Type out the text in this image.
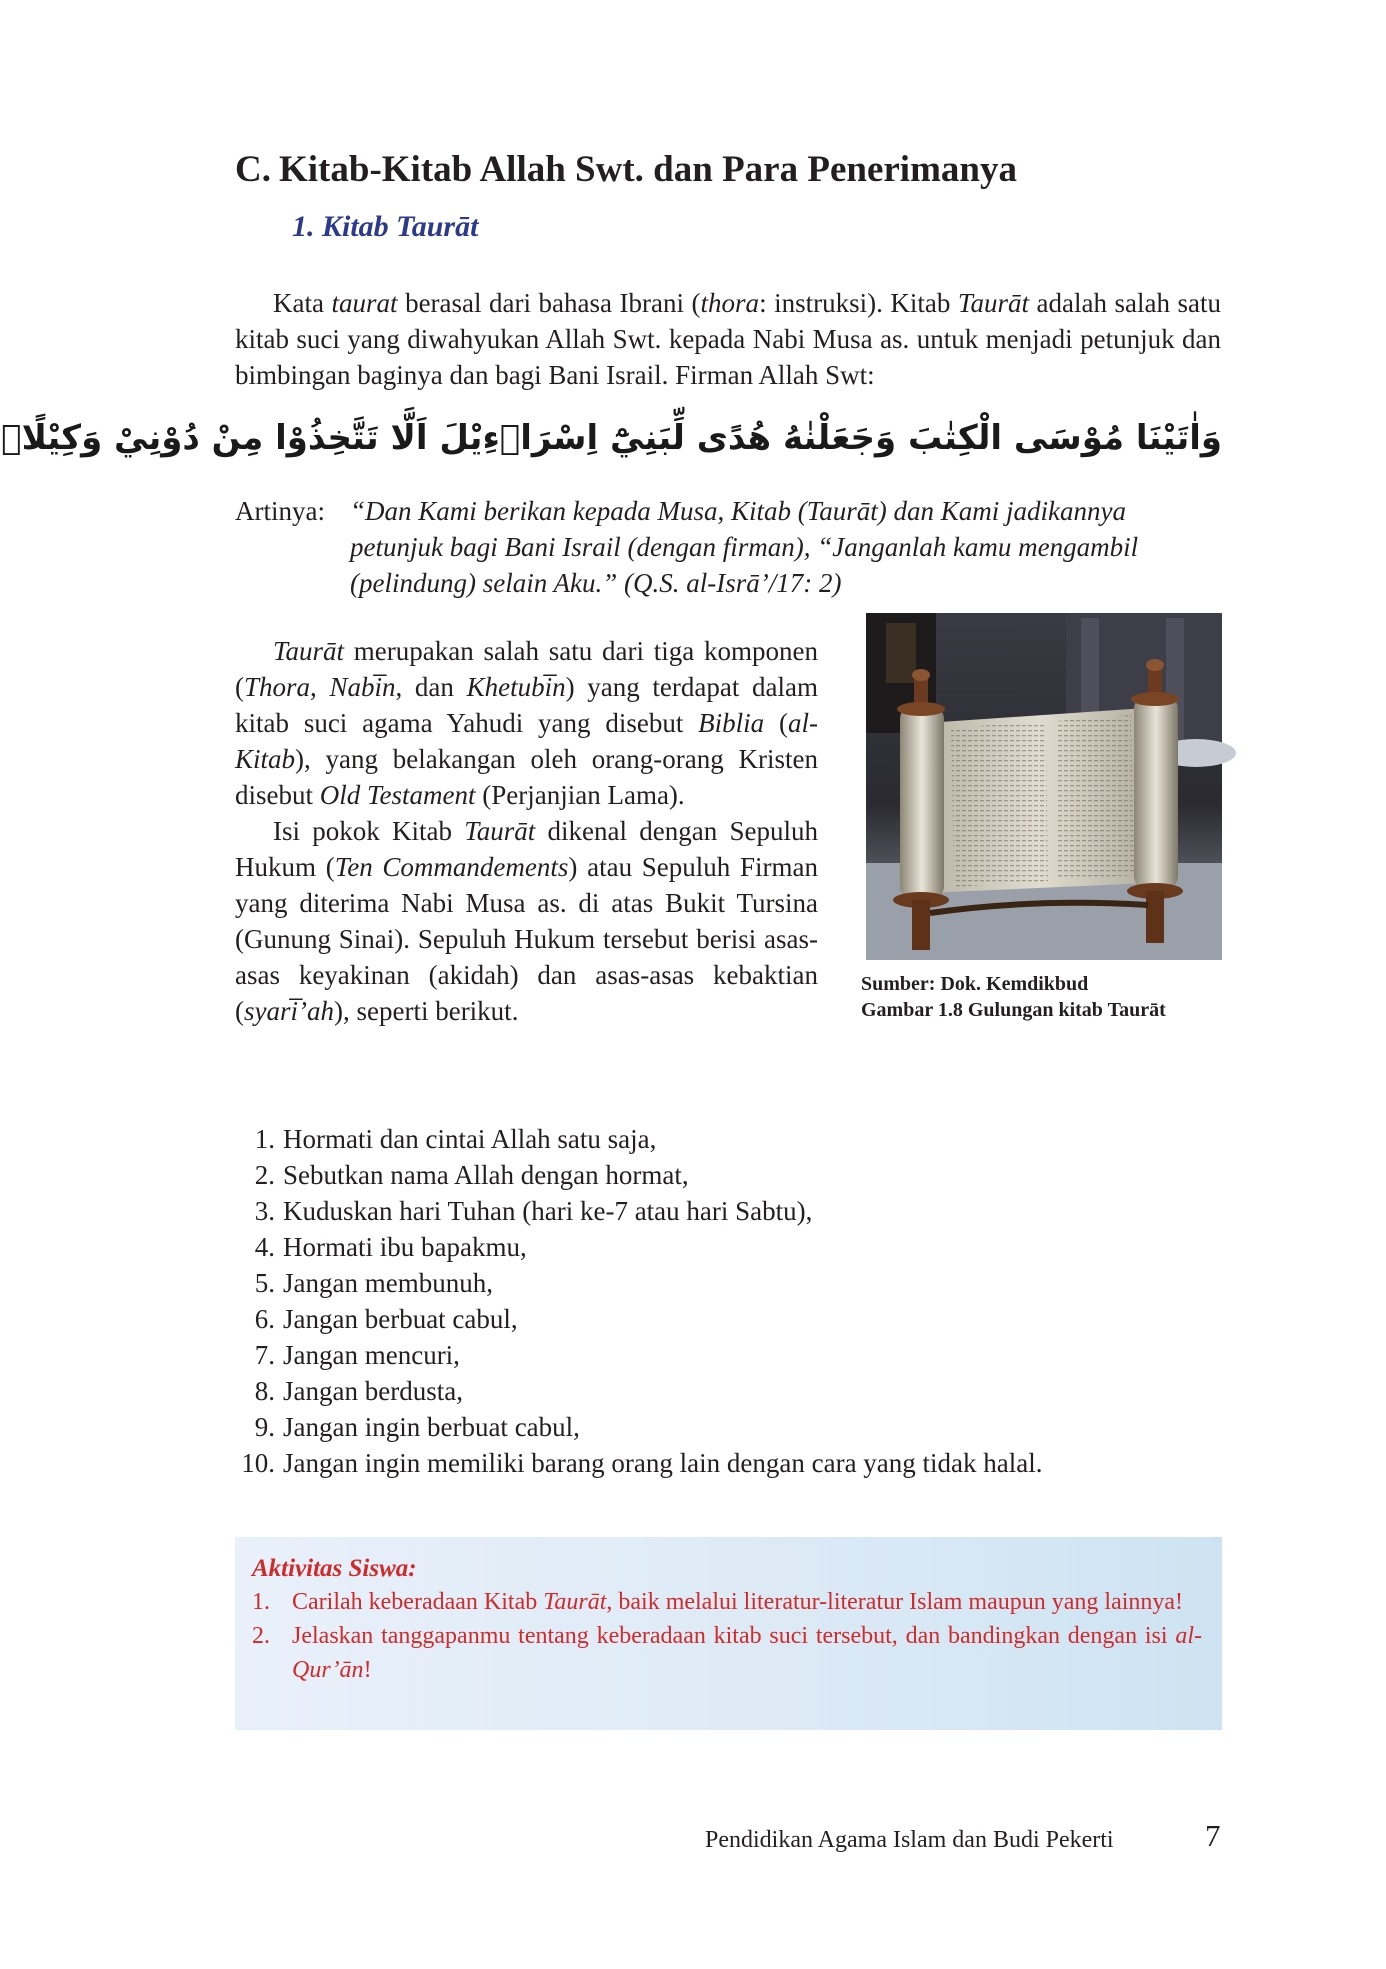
C. Kitab-Kitab Allah Swt. dan Para Penerimanya
1. Kitab Taurāt

Kata taurat berasal dari bahasa Ibrani (thora: instruksi). Kitab Taurāt adalah salah satu kitab suci yang diwahyukan Allah Swt. kepada Nabi Musa as. untuk menjadi petunjuk dan bimbingan baginya dan bagi Bani Israil. Firman Allah Swt:

وَاٰتَيْنَا مُوْسَى الْكِتٰبَ وَجَعَلْنٰهُ هُدًى لِّبَنِيْٓ اِسْرَاۤءِيْلَ اَلَّا تَتَّخِذُوْا مِنْ دُوْنِيْ وَكِيْلًاۗ
Artinya: “Dan Kami berikan kepada Musa, Kitab (Taurāt) dan Kami jadikannya petunjuk bagi Bani Israil (dengan firman), “Janganlah kamu mengambil (pelindung) selain Aku.” (Q.S. al-Isrā’/17: 2)

Taurāt merupakan salah satu dari tiga komponen (Thora, Nabi̅n, dan Khetubi̅n) yang terdapat dalam kitab suci agama Yahudi yang disebut Biblia (al-Kitab), yang belakangan oleh orang-orang Kristen disebut Old Testament (Perjanjian Lama).

Isi pokok Kitab Taurāt dikenal dengan Sepuluh Hukum (Ten Commandements) atau Sepuluh Firman yang diterima Nabi Musa as. di atas Bukit Tursina (Gunung Sinai). Sepuluh Hukum tersebut berisi asas-asas keyakinan (akidah) dan asas-asas kebaktian (syari̅’ah), seperti berikut.

Sumber: Dok. Kemdikbud
Gambar 1.8 Gulungan kitab Taurāt
1. Hormati dan cintai Allah satu saja,
2. Sebutkan nama Allah dengan hormat,
3. Kuduskan hari Tuhan (hari ke-7 atau hari Sabtu),
4. Hormati ibu bapakmu,
5. Jangan membunuh,
6. Jangan berbuat cabul,
7. Jangan mencuri,
8. Jangan berdusta,
9. Jangan ingin berbuat cabul,
10. Jangan ingin memiliki barang orang lain dengan cara yang tidak halal.

Aktivitas Siswa:

1. Carilah keberadaan Kitab Taurāt, baik melalui literatur-literatur Islam maupun yang lainnya!
2. Jelaskan tanggapanmu tentang keberadaan kitab suci tersebut, dan bandingkan dengan isi al-Qur’ān!
Pendidikan Agama Islam dan Budi Pekerti	7
